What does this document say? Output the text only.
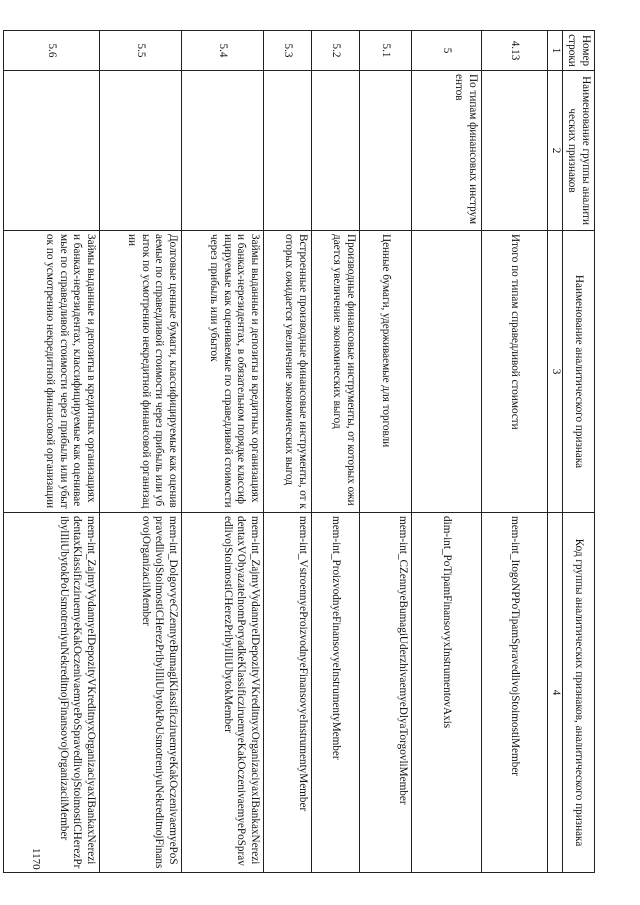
Номер строки	Наименование группы аналитических признаков	Наименование аналитического признака	Код группы аналитических признаков, аналитического признака
1	2	3	4
4.13		Итого по типам справедливой стоимости	mem-int_ItogoNPPoTipamSpravedlivojStoimostiMember
5	По типам финансовых инструментов		dim-int_PoTipamFinansovyxInstrumentovAxis
5.1		Ценные бумаги, удерживаемые для торговли	mem-int_CZennyeBumagiUderzhivaemyeDlyaTorgovliMember
5.2		Производные финансовые инструменты, от которых ожидается увеличение экономических выгод	mem-int_ProizvodnyeFinansovyeInstrumentyMember
5.3		Встроенные производные финансовые инструменты, от которых ожидается увеличение экономических выгод	mem-int_VstroennyeProizvodnyeFinansovyeInstrumentyMember
5.4		Займы выданные и депозиты в кредитных организациях и банках-нерезидентах, в обязательном порядке классифицируемые как оцениваемые по справедливой стоимости через прибыль или убыток	mem-int_ZajmyVydannyeIDepozityVKreditnyxOrganizaciyaxIBankaxNerezidentaxVObyazatelnomPoryadkeKlassificziruemyeKakOczenivaemyePoSpravedlivojStoimostiCHerezPribylIliUbytokMember
5.5		Долговые ценные бумаги, классифицируемые как оцениваемые по справедливой стоимости через прибыль или убыток по усмотрению некредитной финансовой организации	mem-int_DolgovyeCZennyeBumagiKlassificziruemyeKakOczenivaemyePoSpravedlivojStoimostiCHerezPribylIliUbytokPoUsmotreniyuNekreditnojFinansovojOrganizaciiMember
5.6		Займы выданные и депозиты в кредитных организациях и банках-нерезидентах, классифицируемые как оцениваемые по справедливой стоимости через прибыль или убыток по усмотрению некредитной финансовой организации	mem-int_ZajmyVydannyeIDepozityVKreditnyxOrganizaciyaxIBankaxNerezidentaxKlassificziruemyeKakOczenivaemyePoSpravedlivojStoimostiCHerezPribylIliUbytokPoUsmotreniyuNekreditnojFinansovojOrganizaciiMember
1170
